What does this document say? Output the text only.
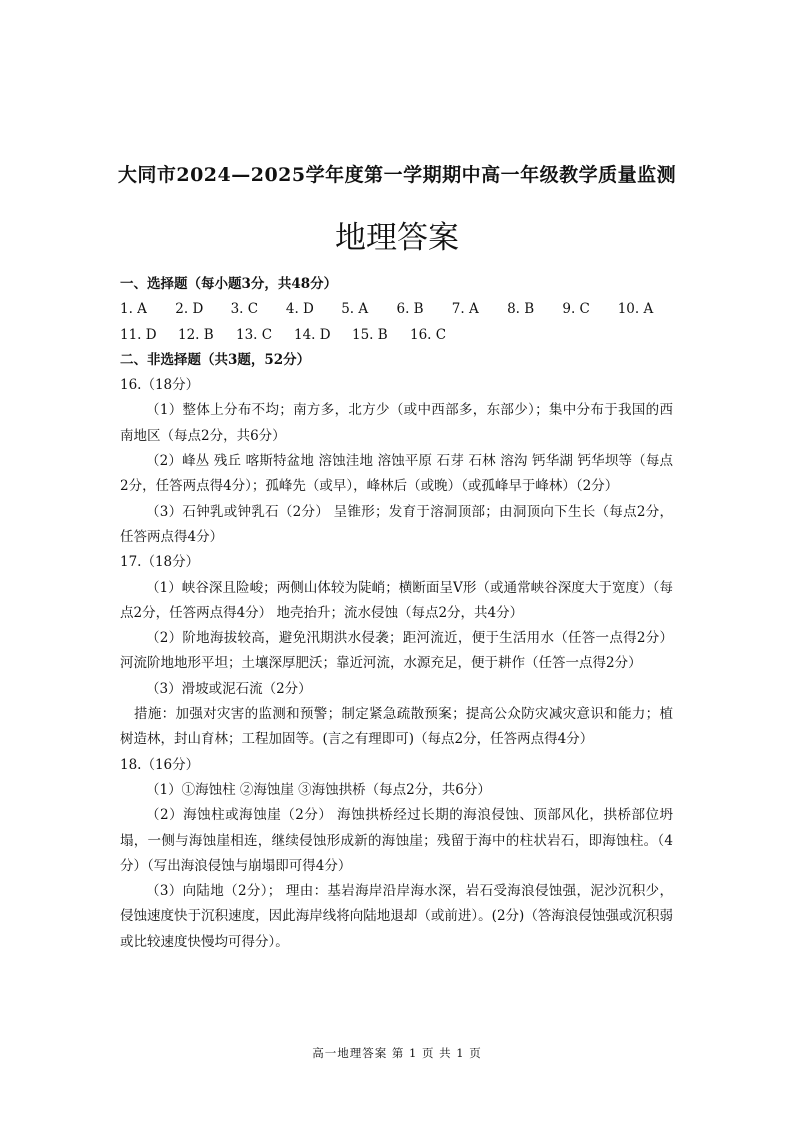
大同市2024—2025学年度第一学期期中高一年级教学质量监测
地理答案
一、选择题（每小题3分，共48分）
1. A	2. D	3. C	4. D	5. A	6. B	7. A	8. B	9. C	10. A
11. D	12. B	13. C	14. D	15. B	16. C
二、非选择题（共3题，52分）
16.（18分）
（1）整体上分布不均；南方多，北方少（或中西部多，东部少）；集中分布于我国的西南地区（每点2分，共6分）
（2）峰丛 残丘 喀斯特盆地 溶蚀洼地 溶蚀平原 石芽 石林 溶沟 钙华湖 钙华坝等（每点2分，任答两点得4分）；孤峰先（或早），峰林后（或晚）（或孤峰早于峰林）（2分）
（3）石钟乳或钟乳石（2分） 呈锥形；发育于溶洞顶部；由洞顶向下生长（每点2分，任答两点得4分）
17.（18分）
（1）峡谷深且险峻；两侧山体较为陡峭；横断面呈V形（或通常峡谷深度大于宽度）（每点2分，任答两点得4分） 地壳抬升；流水侵蚀（每点2分，共4分）
（2）阶地海拔较高，避免汛期洪水侵袭；距河流近，便于生活用水（任答一点得2分）河流阶地地形平坦；土壤深厚肥沃；靠近河流，水源充足，便于耕作（任答一点得2分）
（3）滑坡或泥石流（2分）
措施：加强对灾害的监测和预警；制定紧急疏散预案；提高公众防灾减灾意识和能力；植树造林，封山育林；工程加固等。(言之有理即可)（每点2分，任答两点得4分）
18.（16分）
（1）①海蚀柱 ②海蚀崖 ③海蚀拱桥（每点2分，共6分）
（2）海蚀柱或海蚀崖（2分） 海蚀拱桥经过长期的海浪侵蚀、顶部风化，拱桥部位坍塌，一侧与海蚀崖相连，继续侵蚀形成新的海蚀崖；残留于海中的柱状岩石，即海蚀柱。（4分）（写出海浪侵蚀与崩塌即可得4分）
（3）向陆地（2分）； 理由：基岩海岸沿岸海水深，岩石受海浪侵蚀强，泥沙沉积少，侵蚀速度快于沉积速度，因此海岸线将向陆地退却（或前进）。(2分)（答海浪侵蚀强或沉积弱或比较速度快慢均可得分）。
高一地理答案 第 1 页 共 1 页
